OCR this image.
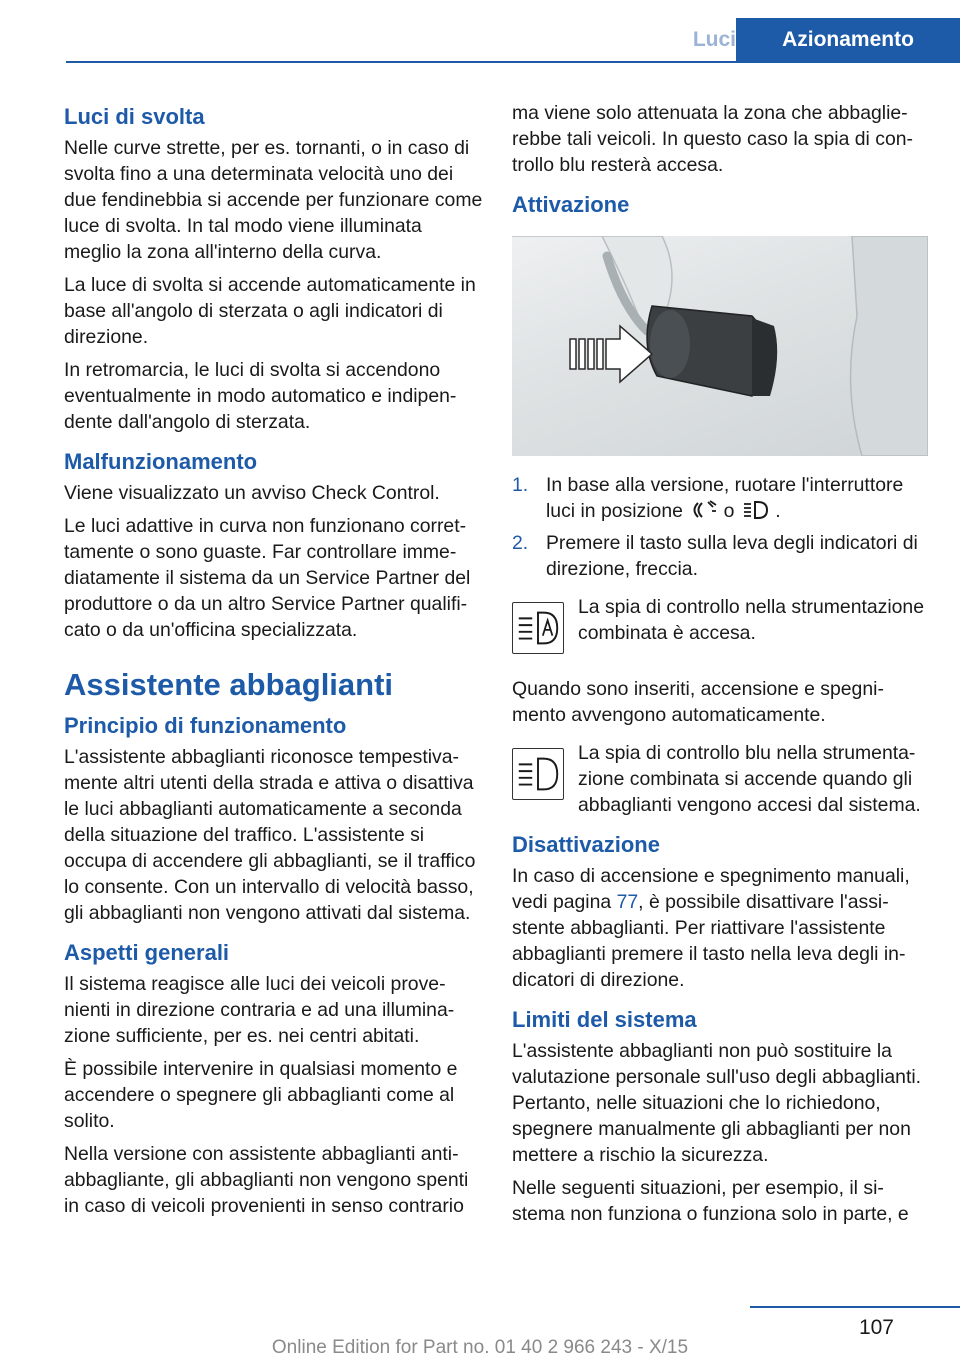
Luci	Azionamento
Luci di svolta

Nelle curve strette, per es. tornanti, o in caso di svolta fino a una determinata velocità uno dei due fendinebbia si accende per funzionare come luce di svolta. In tal modo viene illuminata meglio la zona all'interno della curva.

La luce di svolta si accende automaticamente in base all'angolo di sterzata o agli indicatori di direzione.

In retromarcia, le luci di svolta si accendono eventualmente in modo automatico e indipendente dall'angolo di sterzata.

Malfunzionamento

Viene visualizzato un avviso Check Control.

Le luci adattive in curva non funzionano correttamente o sono guaste. Far controllare immediatamente il sistema da un Service Partner del produttore o da un altro Service Partner qualificato o da un'officina specializzata.

Assistente abbaglianti
Principio di funzionamento

L'assistente abbaglianti riconosce tempestivamente altri utenti della strada e attiva o disattiva le luci abbaglianti automaticamente a seconda della situazione del traffico. L'assistente si occupa di accendere gli abbaglianti, se il traffico lo consente. Con un intervallo di velocità basso, gli abbaglianti non vengono attivati dal sistema.

Aspetti generali

Il sistema reagisce alle luci dei veicoli provenienti in direzione contraria e ad una illuminazione sufficiente, per es. nei centri abitati.

È possibile intervenire in qualsiasi momento e accendere o spegnere gli abbaglianti come al solito.

Nella versione con assistente abbaglianti antiabbagliante, gli abbaglianti non vengono spenti in caso di veicoli provenienti in senso contrario

ma viene solo attenuata la zona che abbaglierebbe tali veicoli. In questo caso la spia di controllo blu resterà accesa.

Attivazione
1. In base alla versione, ruotare l'interruttore luci in posizione o .
2. Premere il tasto sulla leva degli indicatori di direzione, freccia.
La spia di controllo nella strumentazione combinata è accesa.

Quando sono inseriti, accensione e spegnimento avvengono automaticamente.

La spia di controllo blu nella strumentazione combinata si accende quando gli abbaglianti vengono accesi dal sistema.
Disattivazione

In caso di accensione e spegnimento manuali, vedi pagina 77, è possibile disattivare l'assistente abbaglianti. Per riattivare l'assistente abbaglianti premere il tasto nella leva degli indicatori di direzione.

Limiti del sistema

L'assistente abbaglianti non può sostituire la valutazione personale sull'uso degli abbaglianti. Pertanto, nelle situazioni che lo richiedono, spegnere manualmente gli abbaglianti per non mettere a rischio la sicurezza.

Nelle seguenti situazioni, per esempio, il sistema non funziona o funziona solo in parte, e

107
Online Edition for Part no. 01 40 2 966 243 - X/15
